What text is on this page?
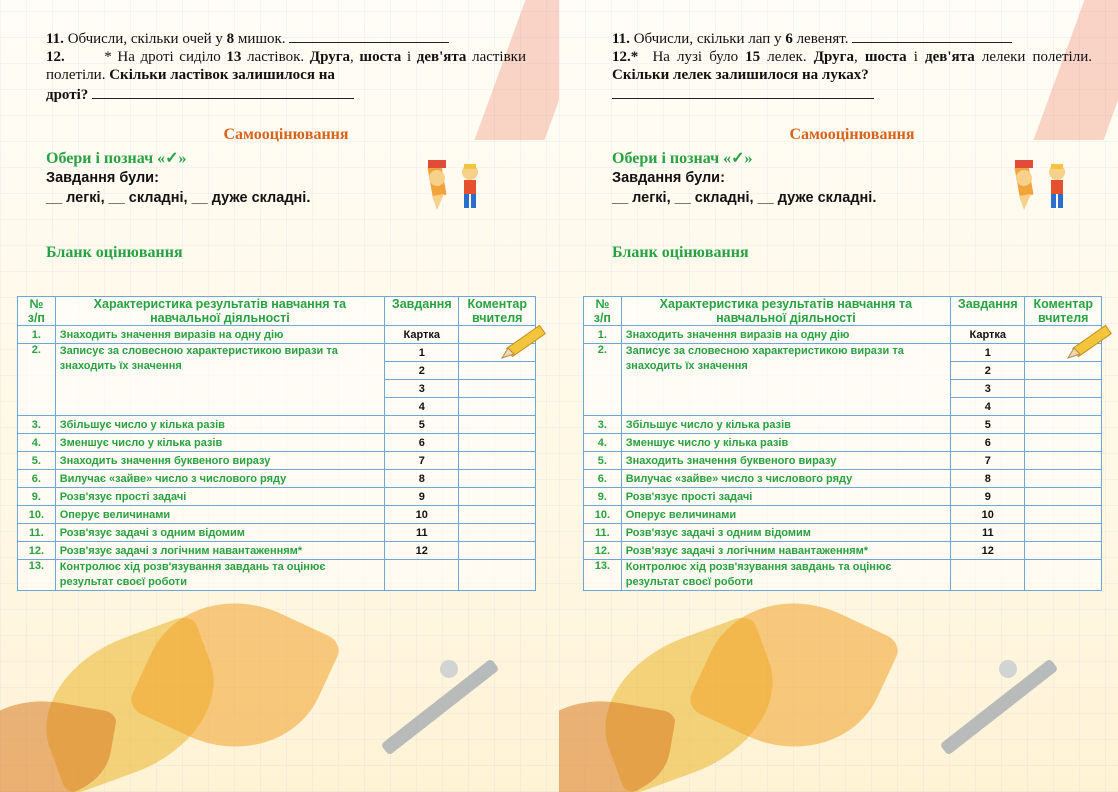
11. Обчисли, скільки очей у 8 мишок.

12.	* На дроті сиділо 13 ластівок. Друга, шоста і дев'ята ластівки полетіли. Скільки ластівок залишилося на

дроті?

Самооцінювання
Обери і познач «✓»
Завдання були:
__ легкі, __ складні, __ дуже складні.
Бланк оцінювання
№
з/п	Характеристика результатів навчання та
навчальної діяльності	Завдання	Коментар
вчителя
1.	Знаходить значення виразів на одну дію	Картка	
2.	Записує за словесною характеристикою вирази та
знаходить їх значення	1	
		2	
		3	
		4	
3.	Збільшує число у кілька разів	5	
4.	Зменшує число у кілька разів	6	
5.	Знаходить значення буквеного виразу	7	
6.	Вилучає «зайве» число з числового ряду	8	
9.	Розв'язує прості задачі	9	
10.	Оперує величинами	10	
11.	Розв'язує задачі з одним відомим	11	
12.	Розв'язує задачі з логічним навантаженням*	12	
13.	Контролює хід розв'язування завдань та оцінює
результат своєї роботи		

11. Обчисли, скільки лап у 6 левенят.

12.* На лузі було 15 лелек. Друга, шоста і дев'ята лелеки полетіли. Скільки лелек залишилося на луках?

Самооцінювання
Обери і познач «✓»
Завдання були:
__ легкі, __ складні, __ дуже складні.
Бланк оцінювання
№
з/п	Характеристика результатів навчання та
навчальної діяльності	Завдання	Коментар
вчителя
1.	Знаходить значення виразів на одну дію	Картка	
2.	Записує за словесною характеристикою вирази та
знаходить їх значення	1	
		2	
		3	
		4	
3.	Збільшує число у кілька разів	5	
4.	Зменшує число у кілька разів	6	
5.	Знаходить значення буквеного виразу	7	
6.	Вилучає «зайве» число з числового ряду	8	
9.	Розв'язує прості задачі	9	
10.	Оперує величинами	10	
11.	Розв'язує задачі з одним відомим	11	
12.	Розв'язує задачі з логічним навантаженням*	12	
13.	Контролює хід розв'язування завдань та оцінює
результат своєї роботи		
